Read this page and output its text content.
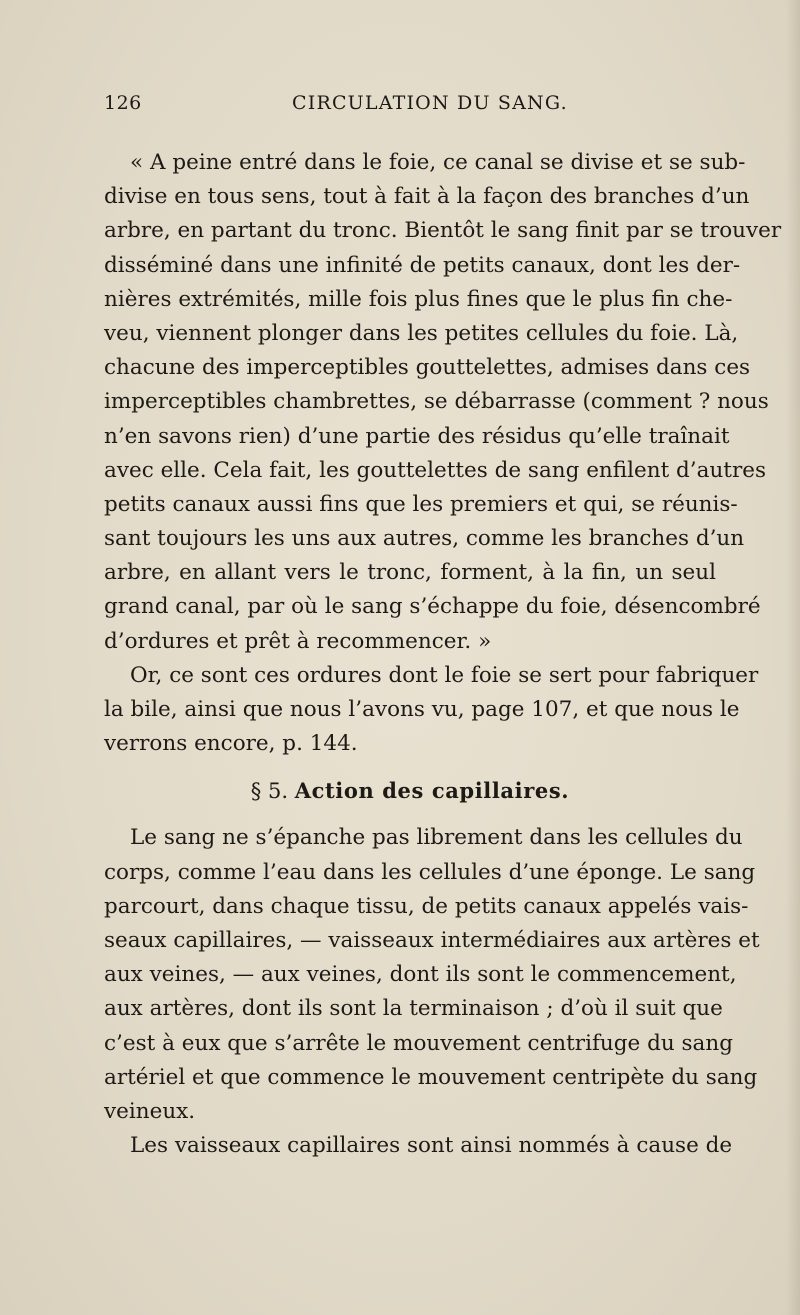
126	CIRCULATION DU SANG.
« A peine entré dans le foie, ce canal se divise et se sub-
divise en tous sens, tout à fait à la façon des branches d’un
arbre, en partant du tronc. Bientôt le sang finit par se trouver
disséminé dans une infinité de petits canaux, dont les der-
nières extrémités, mille fois plus fines que le plus fin che-
veu, viennent plonger dans les petites cellules du foie. Là,
chacune des imperceptibles gouttelettes, admises dans ces
imperceptibles chambrettes, se débarrasse (comment ? nous
n’en savons rien) d’une partie des résidus qu’elle traînait
avec elle. Cela fait, les gouttelettes de sang enfilent d’autres
petits canaux aussi fins que les premiers et qui, se réunis-
sant toujours les uns aux autres, comme les branches d’un
arbre, en allant vers le tronc, forment, à la fin, un seul
grand canal, par où le sang s’échappe du foie, désencombré
d’ordures et prêt à recommencer. »
Or, ce sont ces ordures dont le foie se sert pour fabriquer
la bile, ainsi que nous l’avons vu, page 107, et que nous le
verrons encore, p. 144.
§ 5. Action des capillaires.
Le sang ne s’épanche pas librement dans les cellules du
corps, comme l’eau dans les cellules d’une éponge. Le sang
parcourt, dans chaque tissu, de petits canaux appelés vais-
seaux capillaires, — vaisseaux intermédiaires aux artères et
aux veines, — aux veines, dont ils sont le commencement,
aux artères, dont ils sont la terminaison ; d’où il suit que
c’est à eux que s’arrête le mouvement centrifuge du sang
artériel et que commence le mouvement centripète du sang
veineux.
Les vaisseaux capillaires sont ainsi nommés à cause de
